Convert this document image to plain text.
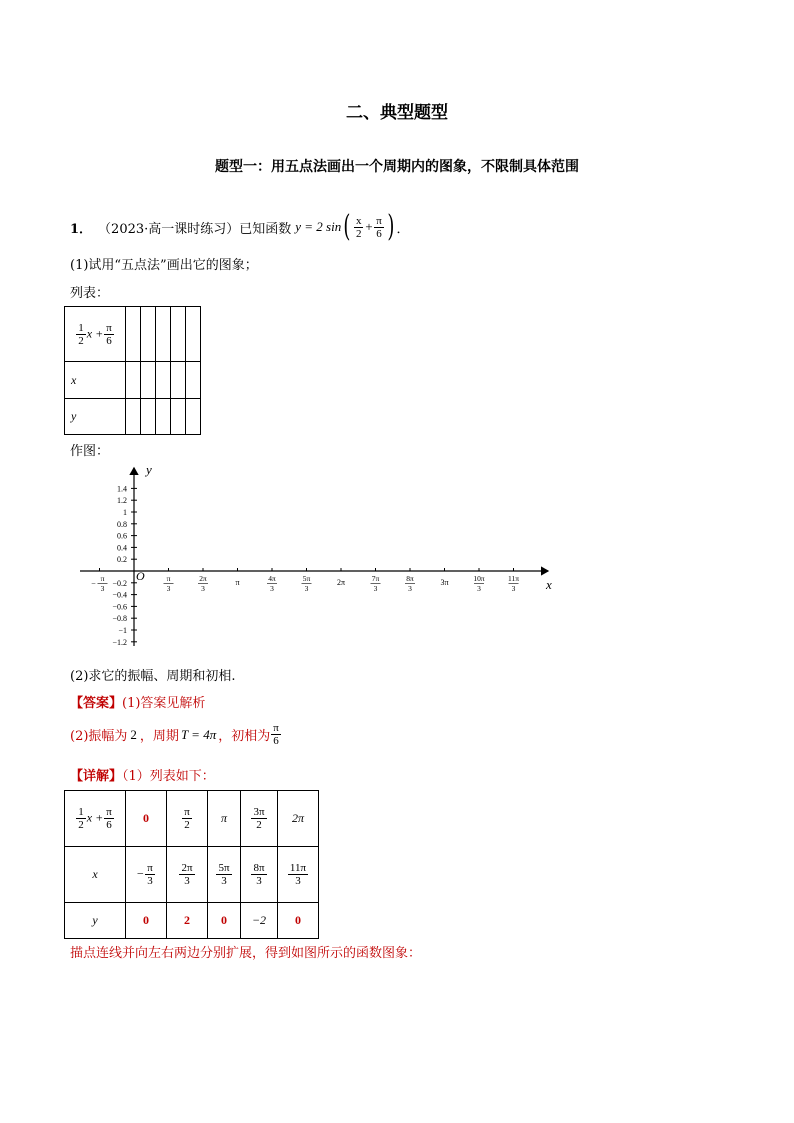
二、典型题型
题型一：用五点法画出一个周期内的图象，不限制具体范围
1． （2023·高一课时练习）已知函数 y = 2 sin ( $\frac{x}{2} + \frac{\pi}{6}$ ) ．
(1)试用“五点法”画出它的图象；
列表：
$\frac{1}{2}$ $x + \frac{\pi}{6}$

x					
y					
作图：
y
x
O
1.4
1.2
1
0.8
0.6
0.4
0.2
−0.2
−0.4
−0.6
−0.8
−1
−1.2
−
π
3
π
3
2π
3
π	4π
3
5π
3
2π	7π
3
8π
3
3π	10π
3
11π
3
(2)求它的振幅、周期和初相.
【答案】(1)答案见解析
(2)振幅为 2 ，周期 T = 4π ，初相为 $\frac{\pi}{6}$
【详解】（1）列表如下：
$\frac{1}{2}$ $x + \frac{\pi}{6}$	0	$\frac{\pi}{2}$	π	$\frac{3\pi}{2}$	2π
x	− $\frac{\pi}{3}$	$\frac{2\pi}{3}$	$\frac{5\pi}{3}$	$\frac{8\pi}{3}$	$\frac{11\pi}{3}$

y	0	2	0	−2	0
描点连线并向左右两边分别扩展，得到如图所示的函数图象：
